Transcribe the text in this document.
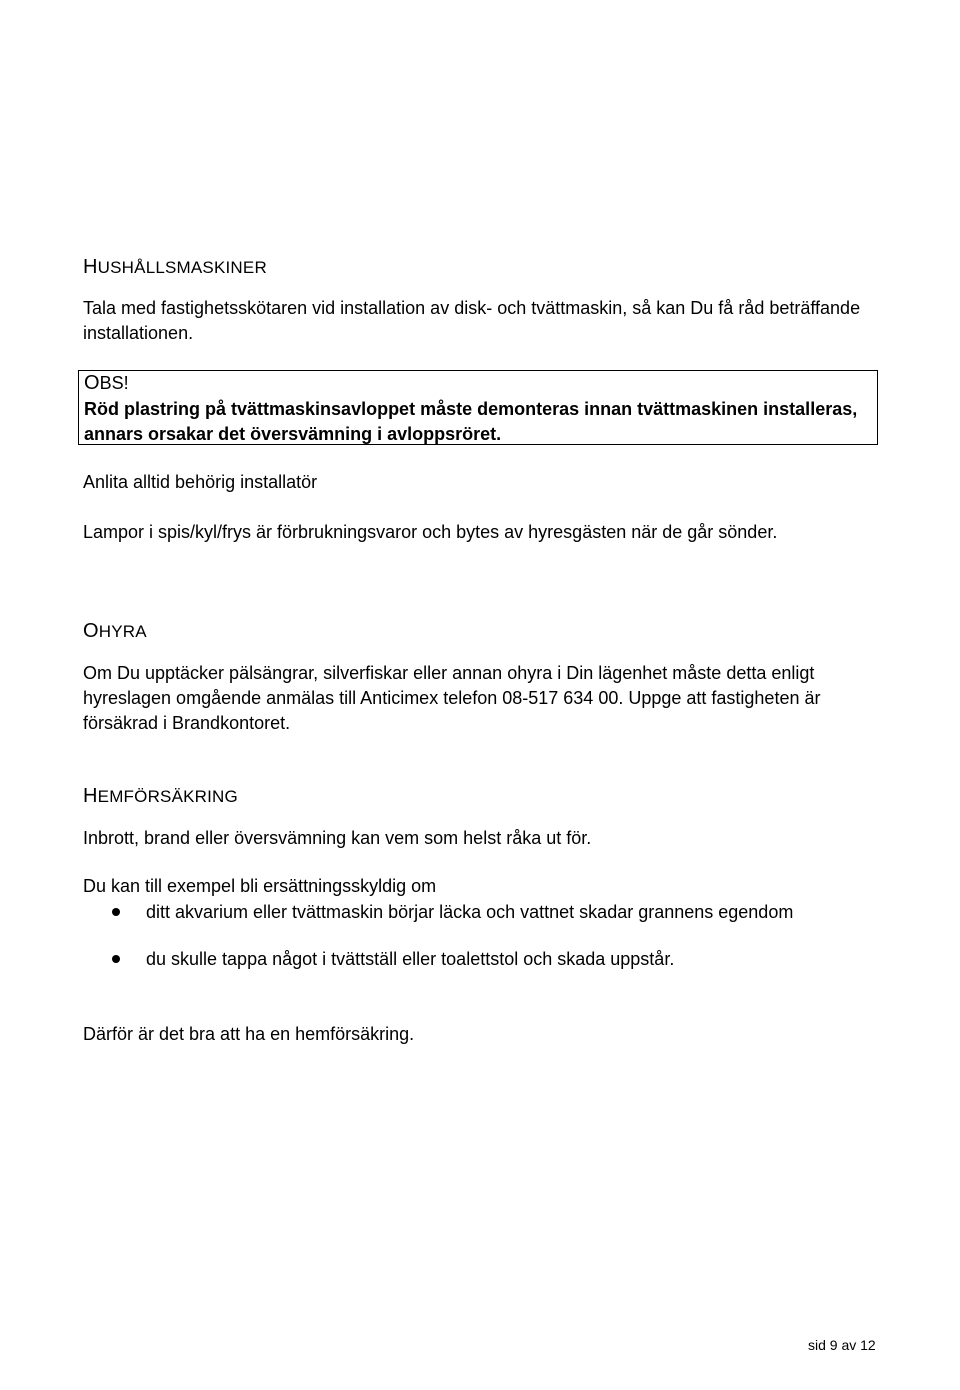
HUSHÅLLSMASKINER

Tala med fastighetsskötaren vid installation av disk- och tvättmaskin, så kan Du få råd beträffande installationen.

OBS!

Röd plastring på tvättmaskinsavloppet måste demonteras innan tvättmaskinen installeras, annars orsakar det översvämning i avloppsröret.

Anlita alltid behörig installatör

Lampor i spis/kyl/frys är förbrukningsvaror och bytes av hyresgästen när de går sönder.

OHYRA

Om Du upptäcker pälsängrar, silverfiskar eller annan ohyra i Din lägenhet måste detta enligt hyreslagen omgående anmälas till Anticimex telefon 08-517 634 00. Uppge att fastigheten är försäkrad i Brandkontoret.

HEMFÖRSÄKRING

Inbrott, brand eller översvämning kan vem som helst råka ut för.

Du kan till exempel bli ersättningsskyldig om

ditt akvarium eller tvättmaskin börjar läcka och vattnet skadar grannens egendom
du skulle tappa något i tvättställ eller toalettstol och skada uppstår.

Därför är det bra att ha en hemförsäkring.

sid 9 av 12
